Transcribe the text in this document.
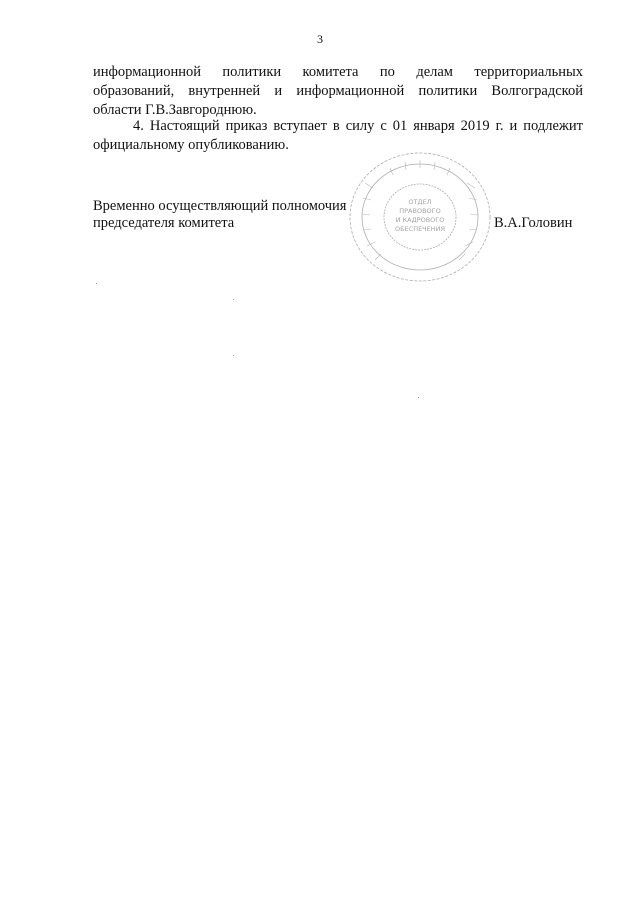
3
информационной политики комитета по делам территориальных
образований, внутренней и информационной политики Волгоградской
области Г.В.Завгороднюю.
4. Настоящий приказ вступает в силу с 01 января 2019 г. и подлежит
официальному опубликованию.
Временно осуществляющий полномочия
председателя комитета	В.А.Головин
ОТДЕЛ
ПРАВОВОГО
И КАДРОВОГО
ОБЕСПЕЧЕНИЯ
